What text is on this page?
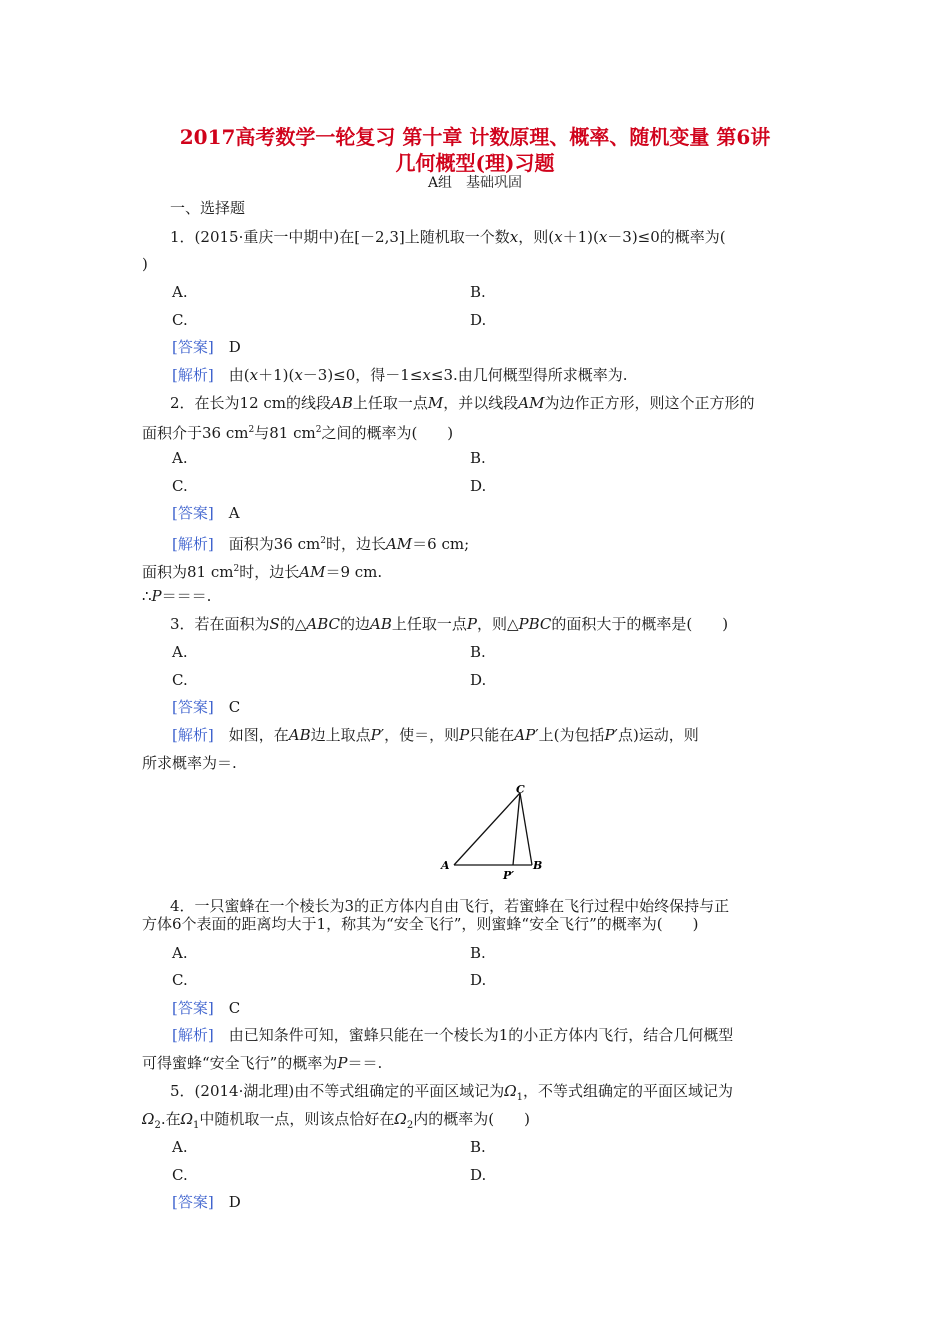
2017高考数学一轮复习 第十章 计数原理、概率、随机变量 第6讲
几何概型(理)习题
A组　基础巩固
一、选择题
1．(2015·重庆一中期中)在[－2,3]上随机取一个数x，则(x＋1)(x－3)≤0的概率为(
)
A.	B.
C.	D.
[答案]　 D
[解析]　 由(x＋1)(x－3)≤0，得－1≤x≤3.由几何概型得所求概率为.
2．在长为12 cm的线段AB上任取一点M，并以线段AM为边作正方形，则这个正方形的
面积介于36 $cm^2$与81 $cm^2$之间的概率为(　　)
A.	B.
C.	D.
[答案]　 A
[解析]　 面积为36 $cm^2$时，边长AM＝6 cm;
面积为81 $cm^2$时，边长AM＝9 cm.
∴P＝＝＝.
3．若在面积为S的△ABC的边AB上任取一点P，则△PBC的面积大于的概率是(　　)
A.	B.
C.	D.
[答案]　 C
[解析]　 如图，在AB边上取点P′，使＝，则P只能在AP′上(为包括P′点)运动，则
所求概率为＝.
A	B
C
P′
4．一只蜜蜂在一个棱长为3的正方体内自由飞行，若蜜蜂在飞行过程中始终保持与正
方体6个表面的距离均大于1，称其为“安全飞行”，则蜜蜂“安全飞行”的概率为(　　)
A.	B.
C.	D.
[答案]　 C
[解析]　 由已知条件可知，蜜蜂只能在一个棱长为1的小正方体内飞行，结合几何概型
可得蜜蜂“安全飞行”的概率为P＝＝.
5．(2014·湖北理)由不等式组确定的平面区域记为$\Omega_1$，不等式组确定的平面区域记为
$\Omega_2$.在$\Omega_1$中随机取一点，则该点恰好在$\Omega_2$内的概率为(　　)
A.	B.
C.	D.
[答案]　 D
